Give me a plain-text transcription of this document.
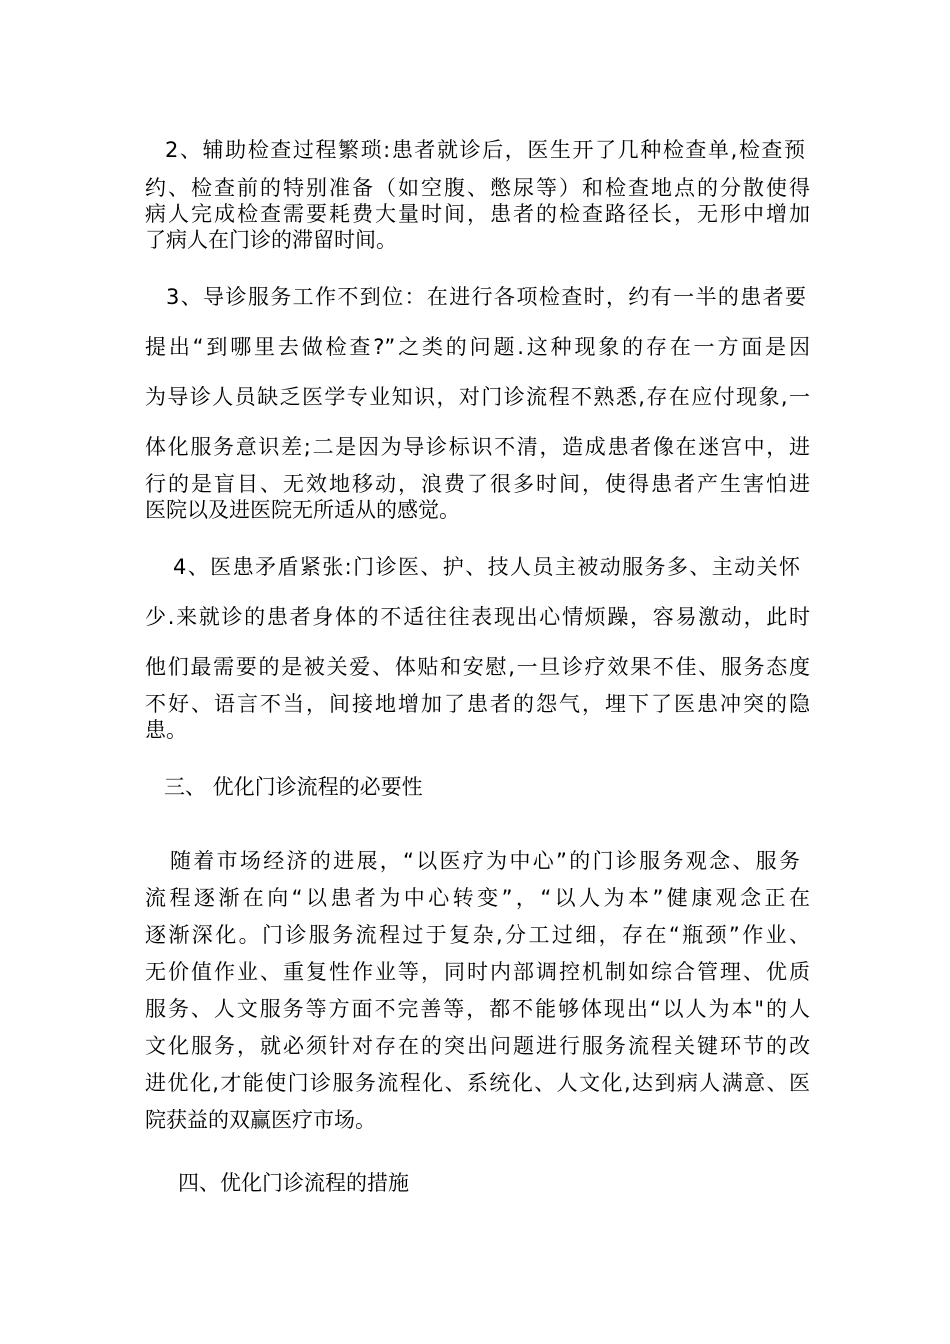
2、辅助检查过程繁琐:患者就诊后，医生开了几种检查单,检查预
约、检查前的特别准备（如空腹、憋尿等）和检查地点的分散使得
病人完成检查需要耗费大量时间，患者的检查路径长，无形中增加
了病人在门诊的滞留时间。
3、导诊服务工作不到位：在进行各项检查时，约有一半的患者要
提出“到哪里去做检查?”之类的问题.这种现象的存在一方面是因
为导诊人员缺乏医学专业知识，对门诊流程不熟悉,存在应付现象,一
体化服务意识差;二是因为导诊标识不清，造成患者像在迷宫中，进
行的是盲目、无效地移动，浪费了很多时间，使得患者产生害怕进
医院以及进医院无所适从的感觉。
4、医患矛盾紧张:门诊医、护、技人员主被动服务多、主动关怀
少.来就诊的患者身体的不适往往表现出心情烦躁，容易激动，此时
他们最需要的是被关爱、体贴和安慰,一旦诊疗效果不佳、服务态度
不好、语言不当，间接地增加了患者的怨气，埋下了医患冲突的隐
患。
三、 优化门诊流程的必要性
随着市场经济的进展，“以医疗为中心”的门诊服务观念、服务
流程逐渐在向“以患者为中心转变”，“以人为本”健康观念正在
逐渐深化。门诊服务流程过于复杂,分工过细，存在“瓶颈”作业、
无价值作业、重复性作业等，同时内部调控机制如综合管理、优质
服务、人文服务等方面不完善等，都不能够体现出“以人为本"的人
文化服务，就必须针对存在的突出问题进行服务流程关键环节的改
进优化,才能使门诊服务流程化、系统化、人文化,达到病人满意、医
院获益的双赢医疗市场。
四、优化门诊流程的措施
